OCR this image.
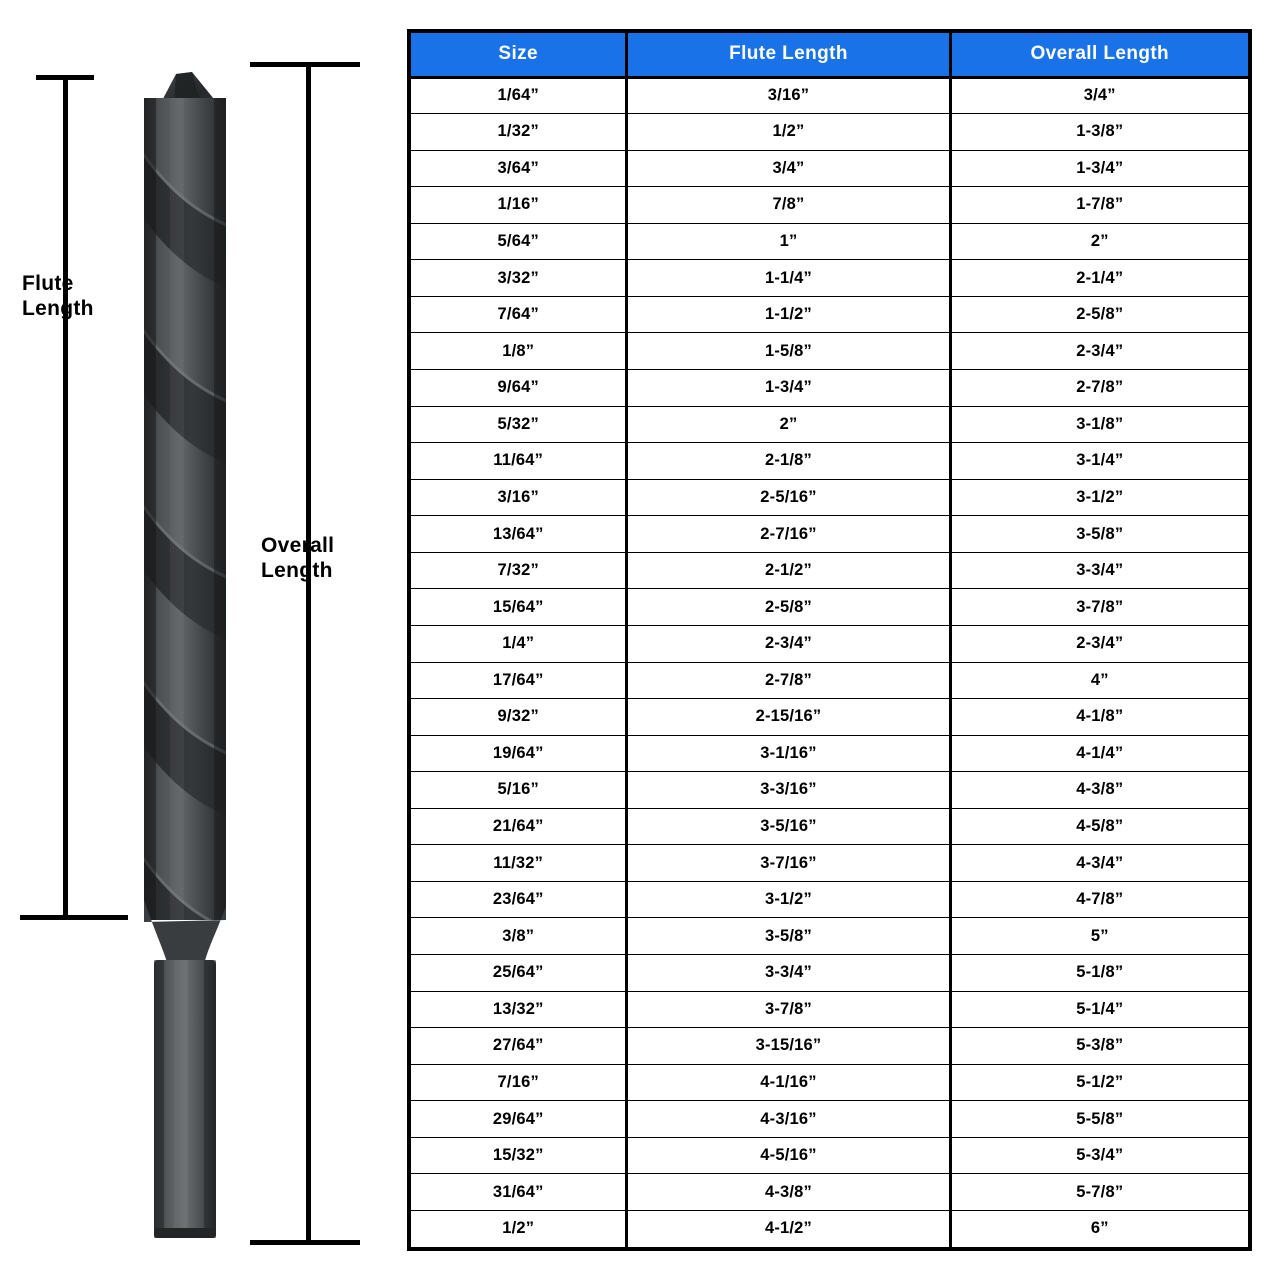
Flute
Length
Overall
Length
Size	Flute Length	Overall Length
1/64”	3/16”	3/4”
1/32”	1/2”	1-3/8”
3/64”	3/4”	1-3/4”
1/16”	7/8”	1-7/8”
5/64”	1”	2”
3/32”	1-1/4”	2-1/4”
7/64”	1-1/2”	2-5/8”
1/8”	1-5/8”	2-3/4”
9/64”	1-3/4”	2-7/8”
5/32”	2”	3-1/8”
11/64”	2-1/8”	3-1/4”
3/16”	2-5/16”	3-1/2”
13/64”	2-7/16”	3-5/8”
7/32”	2-1/2”	3-3/4”
15/64”	2-5/8”	3-7/8”
1/4”	2-3/4”	2-3/4”
17/64”	2-7/8”	4”
9/32”	2-15/16”	4-1/8”
19/64”	3-1/16”	4-1/4”
5/16”	3-3/16”	4-3/8”
21/64”	3-5/16”	4-5/8”
11/32”	3-7/16”	4-3/4”
23/64”	3-1/2”	4-7/8”
3/8”	3-5/8”	5”
25/64”	3-3/4”	5-1/8”
13/32”	3-7/8”	5-1/4”
27/64”	3-15/16”	5-3/8”
7/16”	4-1/16”	5-1/2”
29/64”	4-3/16”	5-5/8”
15/32”	4-5/16”	5-3/4”
31/64”	4-3/8”	5-7/8”
1/2”	4-1/2”	6”
